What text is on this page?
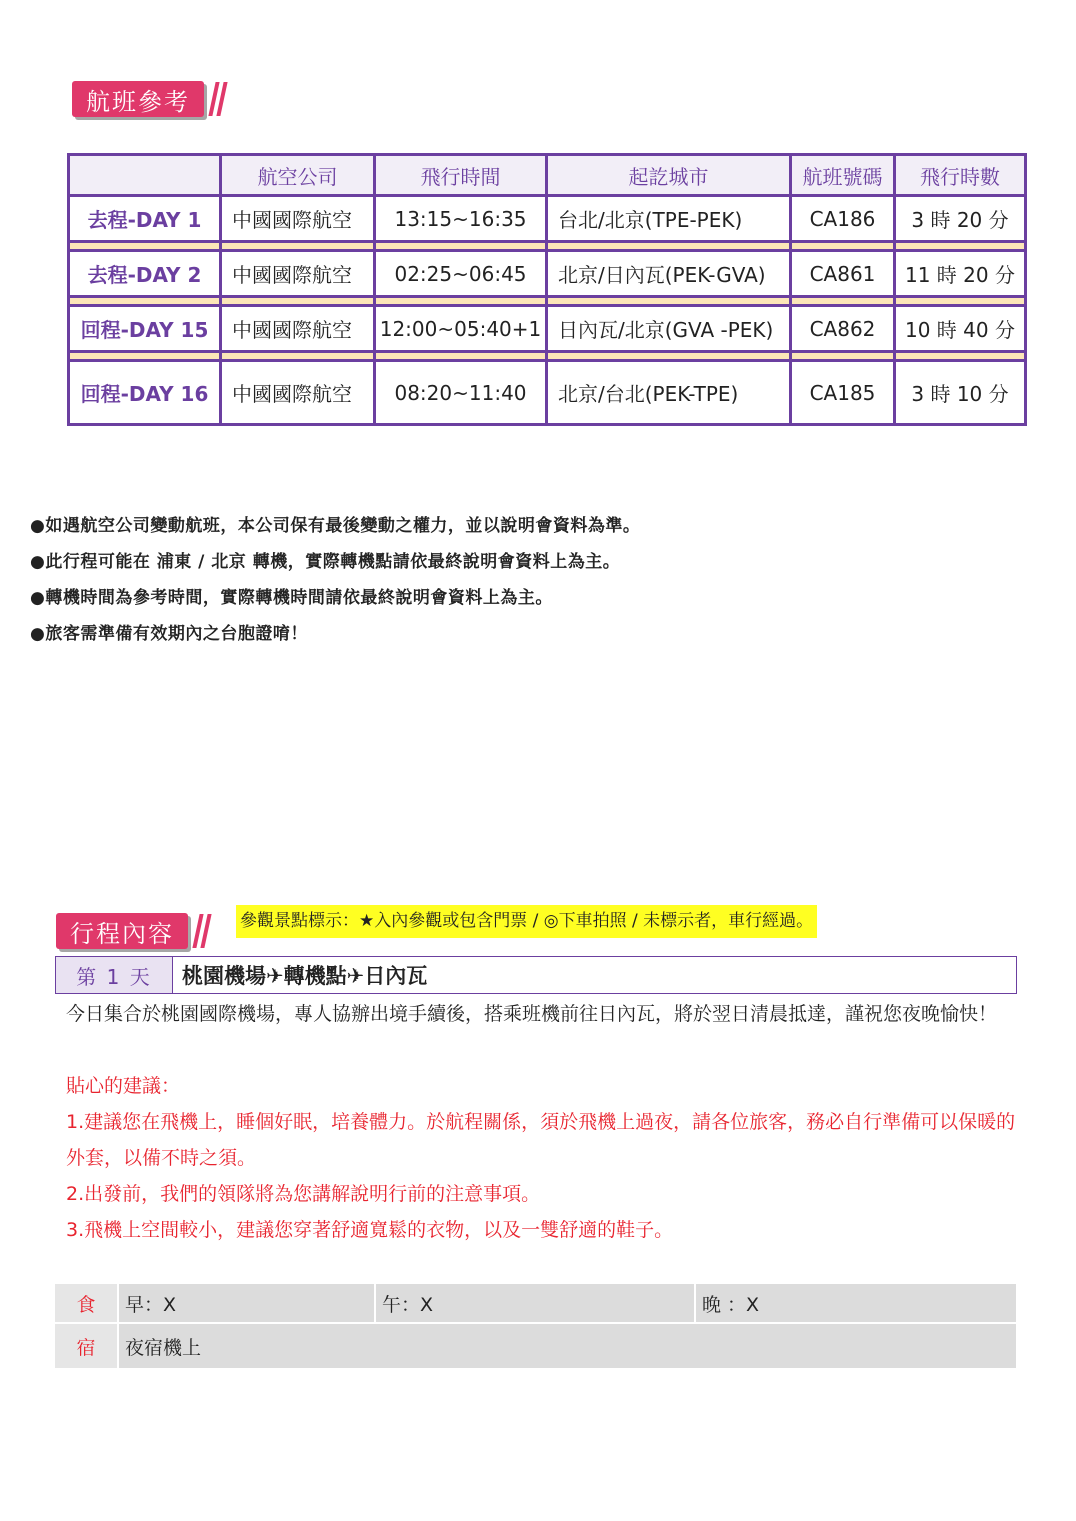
航班參考
	航空公司	飛行時間	起訖城市	航班號碼	飛行時數
去程-DAY 1	中國國際航空	13:15~16:35	台北/北京(TPE-PEK)	CA186	3 時 20 分

去程-DAY 2	中國國際航空	02:25~06:45	北京/日內瓦(PEK-GVA)	CA861	11 時 20 分

回程-DAY 15	中國國際航空	12:00~05:40+1	日內瓦/北京(GVA -PEK)	CA862	10 時 40 分

回程-DAY 16	中國國際航空	08:20~11:40	北京/台北(PEK-TPE)	CA185	3 時 10 分
●如遇航空公司變動航班，本公司保有最後變動之權力，並以說明會資料為準。
●此行程可能在 浦東 / 北京 轉機，實際轉機點請依最終說明會資料上為主。
●轉機時間為參考時間，實際轉機時間請依最終說明會資料上為主。
●旅客需準備有效期內之台胞證唷！
行程內容	參觀景點標示：★入內參觀或包含門票 / ◎下車拍照 / 未標示者，車行經過。
第 1 天	桃園機場✈轉機點✈日內瓦
今日集合於桃園國際機場，專人協辦出境手續後，搭乘班機前往日內瓦，將於翌日清晨抵達，謹祝您夜晚愉快！
貼心的建議：
1.建議您在飛機上，睡個好眠，培養體力。於航程關係，須於飛機上過夜，請各位旅客，務必自行準備可以保暖的外套，以備不時之須。
2.出發前，我們的領隊將為您講解說明行前的注意事項。
3.飛機上空間較小，建議您穿著舒適寬鬆的衣物，以及一雙舒適的鞋子。
食	早：X	午：X	晚 ：X
宿	夜宿機上		
